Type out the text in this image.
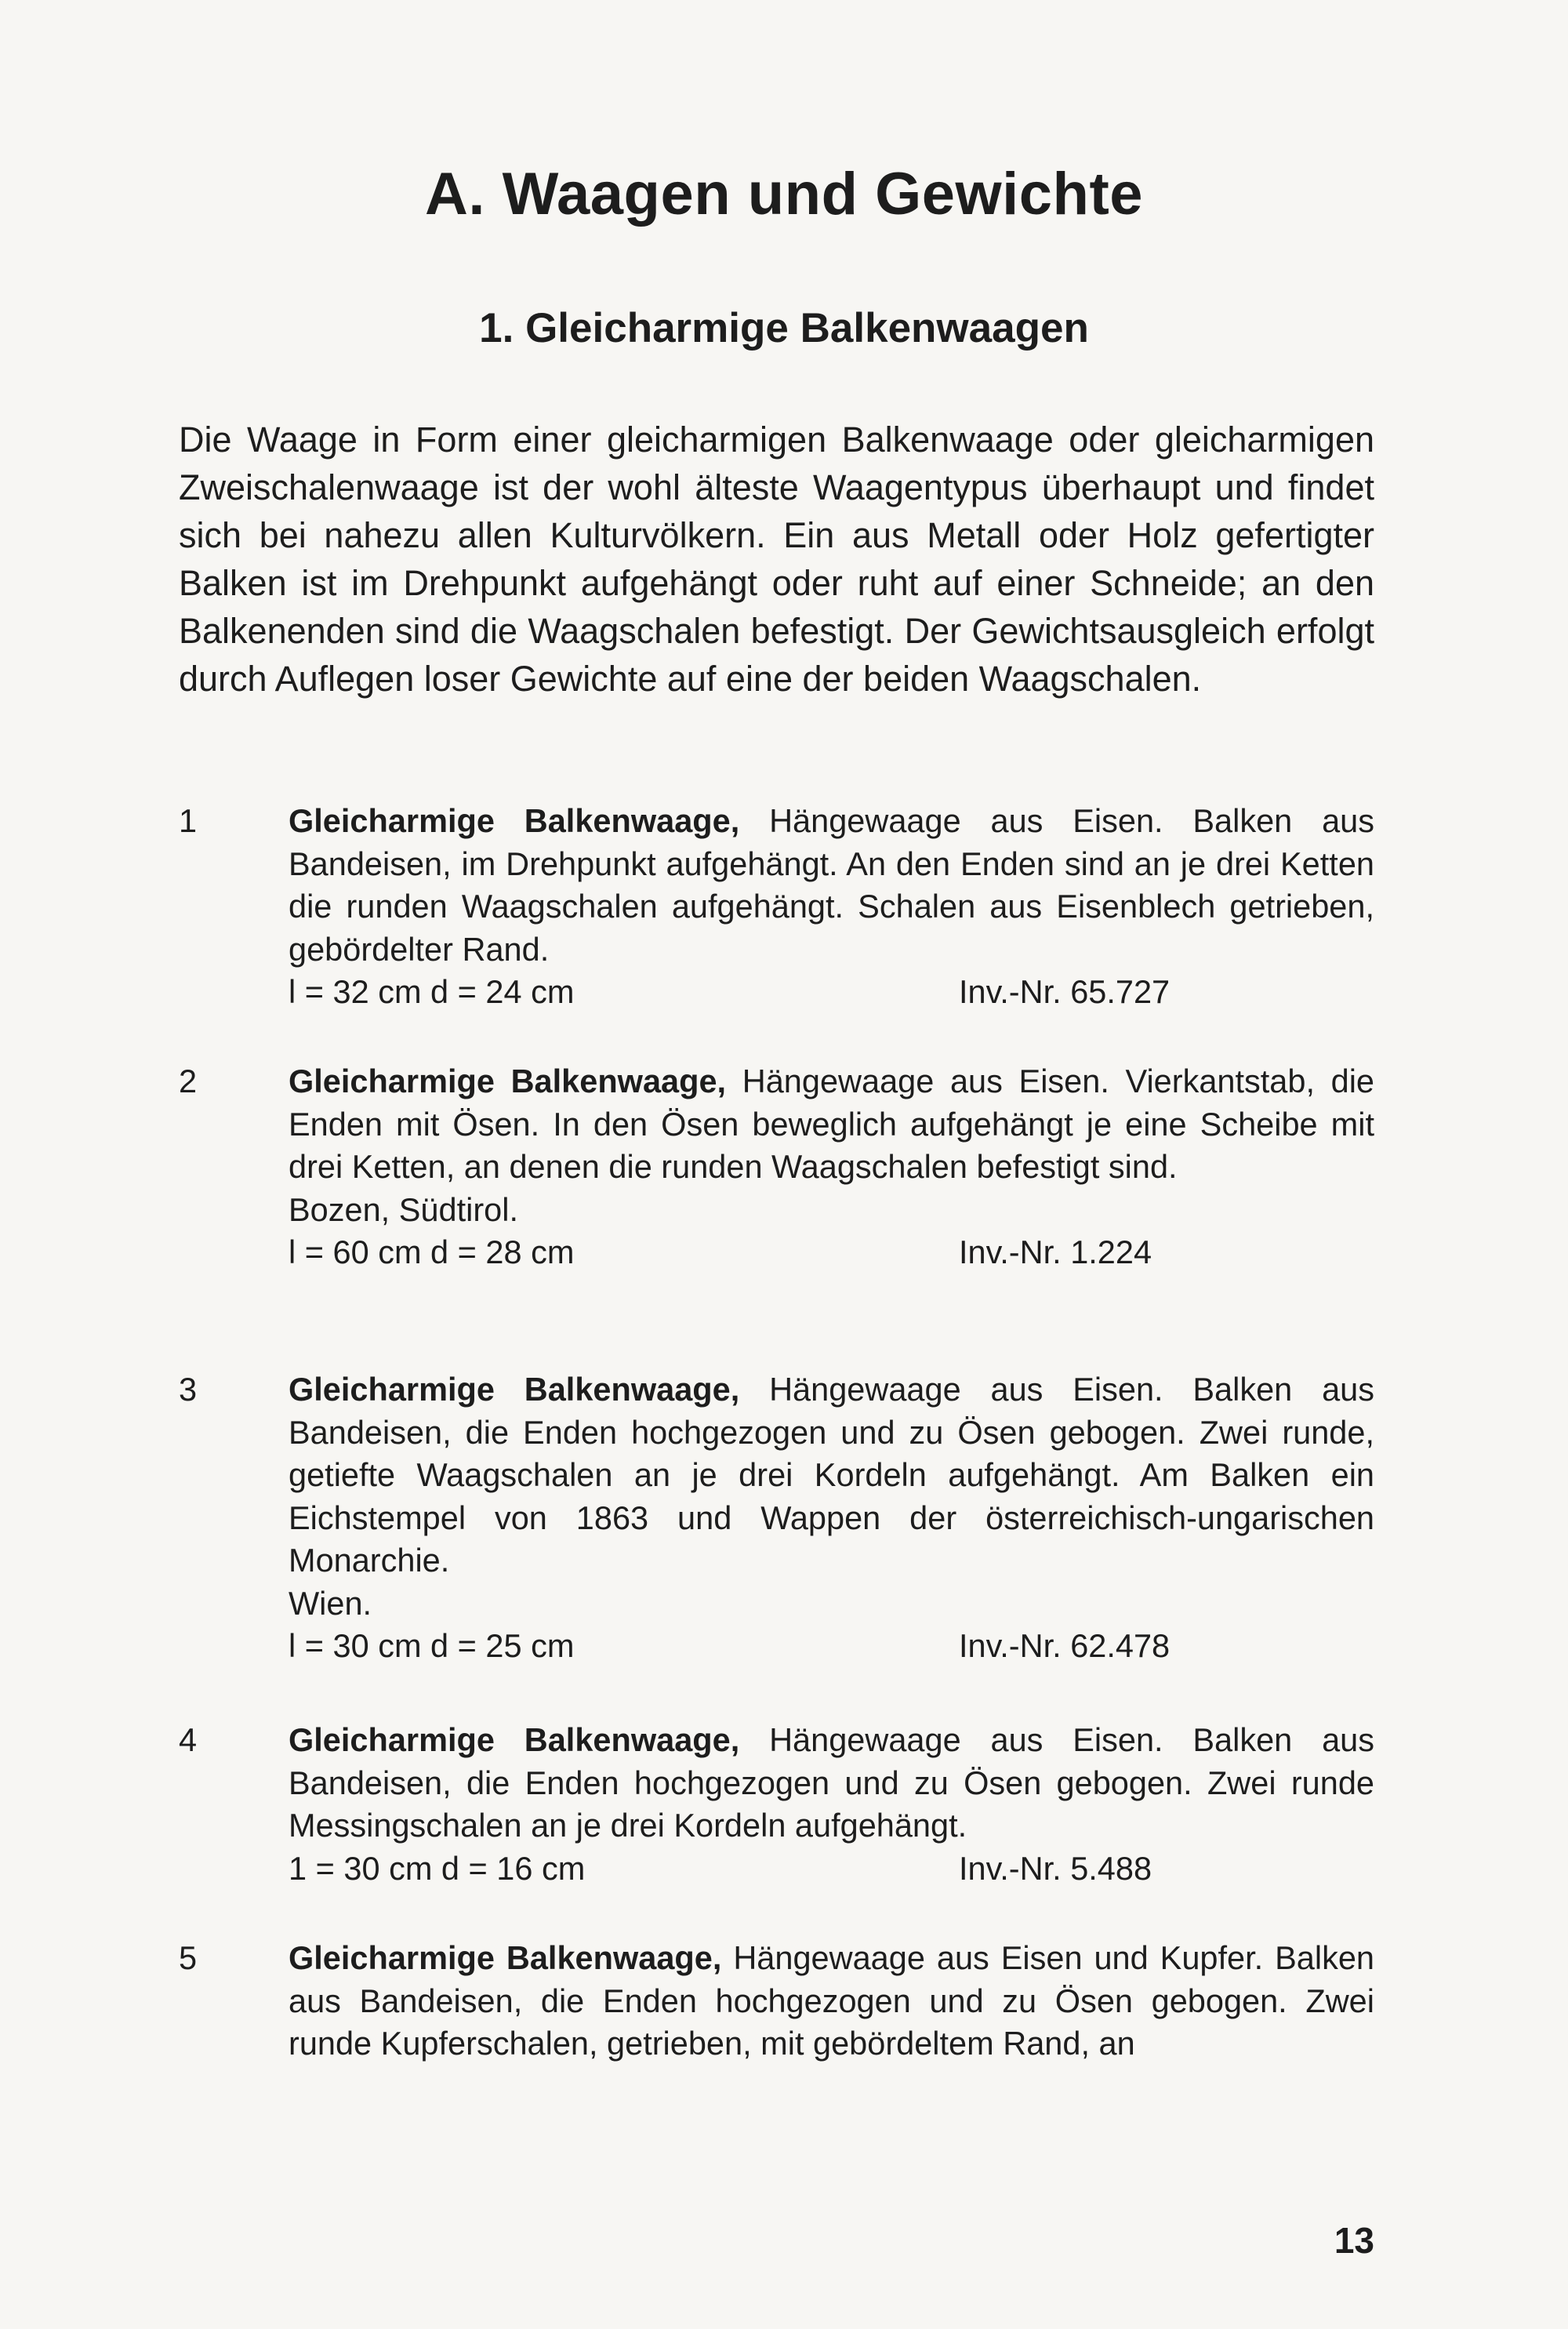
A. Waagen und Gewichte
1. Gleicharmige Balkenwaagen

Die Waage in Form einer gleicharmigen Balkenwaage oder gleicharmigen Zweischalenwaage ist der wohl älteste Waagentypus überhaupt und findet sich bei nahezu allen Kulturvölkern. Ein aus Metall oder Holz gefertigter Balken ist im Drehpunkt aufgehängt oder ruht auf einer Schneide; an den Balkenenden sind die Waagschalen befestigt. Der Gewichtsausgleich erfolgt durch Auflegen loser Gewichte auf eine der beiden Waagschalen.

1	Gleicharmige Balkenwaage, Hängewaage aus Eisen. Balken aus Bandeisen, im Drehpunkt aufgehängt. An den Enden sind an je drei Ketten die runden Waagschalen aufgehängt. Schalen aus Eisenblech getrieben, gebördelter Rand.

l = 32 cm d = 24 cm	Inv.-Nr. 65.727
2	Gleicharmige Balkenwaage, Hängewaage aus Eisen. Vierkantstab, die Enden mit Ösen. In den Ösen beweglich aufgehängt je eine Scheibe mit drei Ketten, an denen die runden Waagschalen befestigt sind.

Bozen, Südtirol.

l = 60 cm d = 28 cm	Inv.-Nr. 1.224
3	Gleicharmige Balkenwaage, Hängewaage aus Eisen. Balken aus Bandeisen, die Enden hochgezogen und zu Ösen gebogen. Zwei runde, getiefte Waagschalen an je drei Kordeln aufgehängt. Am Balken ein Eichstempel von 1863 und Wappen der österreichisch-ungarischen Monarchie.

Wien.

l = 30 cm d = 25 cm	Inv.-Nr. 62.478
4	Gleicharmige Balkenwaage, Hängewaage aus Eisen. Balken aus Bandeisen, die Enden hochgezogen und zu Ösen gebogen. Zwei runde Messingschalen an je drei Kordeln aufgehängt.

1 = 30 cm d = 16 cm	Inv.-Nr. 5.488
5	Gleicharmige Balkenwaage, Hängewaage aus Eisen und Kupfer. Balken aus Bandeisen, die Enden hochgezogen und zu Ösen gebogen. Zwei runde Kupferschalen, getrieben, mit gebördeltem Rand, an

13
